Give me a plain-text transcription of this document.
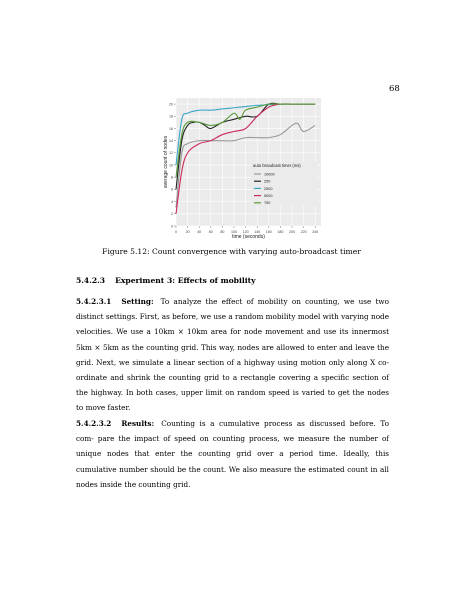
68
0 20 40 60 80 100 120 140 160 180 200 220 240
0
2
4
6
8
10
12
14
16
18
20
time (seconds)
average count of nodes	auto broadcast timer (ms)
10000
250
2500
5000
750
Figure 5.12: Count convergence with varying auto-broadcast timer
5.4.2.3 Experiment 3: Effects of mobility
5.4.2.3.1 Setting: To analyze the effect of mobility on counting, we use two distinct settings. First, as before, we use a random mobility model with varying node velocities. We use a 10km × 10km area for node movement and use its innermost 5km × 5km as the counting grid. This way, nodes are allowed to enter and leave the grid. Next, we simulate a linear section of a highway using motion only along X co-ordinate and shrink the counting grid to a rectangle covering a specific section of the highway. In both cases, upper limit on random speed is varied to get the nodes to move faster.
5.4.2.3.2 Results: Counting is a cumulative process as discussed before. To com- pare the impact of speed on counting process, we measure the number of unique nodes that enter the counting grid over a period time. Ideally, this cumulative number should be the count. We also measure the estimated count in all nodes inside the counting grid.
